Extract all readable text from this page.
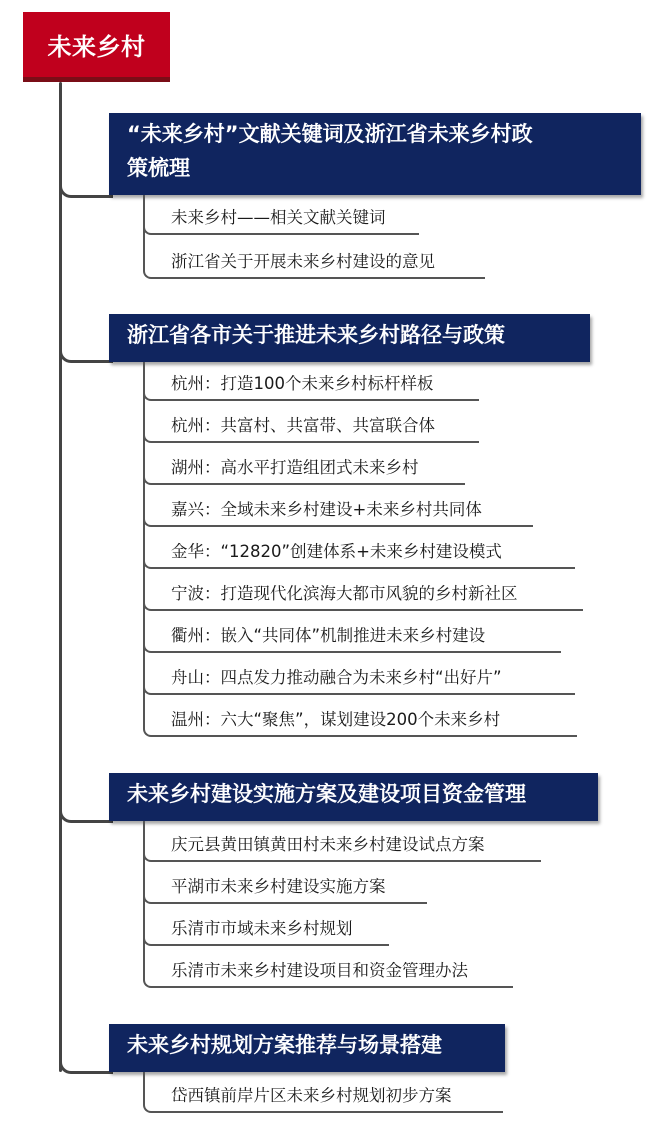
未来乡村
“未来乡村”文献关键词及浙江省未来乡村政
策梳理
未来乡村——相关文献关键词
浙江省关于开展未来乡村建设的意见
浙江省各市关于推进未来乡村路径与政策
杭州：打造100个未来乡村标杆样板
杭州：共富村、共富带、共富联合体
湖州：高水平打造组团式未来乡村
嘉兴：全域未来乡村建设+未来乡村共同体
金华：“12820”创建体系+未来乡村建设模式
宁波：打造现代化滨海大都市风貌的乡村新社区
衢州：嵌入“共同体”机制推进未来乡村建设
舟山：四点发力推动融合为未来乡村“出好片”
温州：六大“聚焦”，谋划建设200个未来乡村
未来乡村建设实施方案及建设项目资金管理
庆元县黄田镇黄田村未来乡村建设试点方案
平湖市未来乡村建设实施方案
乐清市市域未来乡村规划
乐清市未来乡村建设项目和资金管理办法
未来乡村规划方案推荐与场景搭建
岱西镇前岸片区未来乡村规划初步方案
